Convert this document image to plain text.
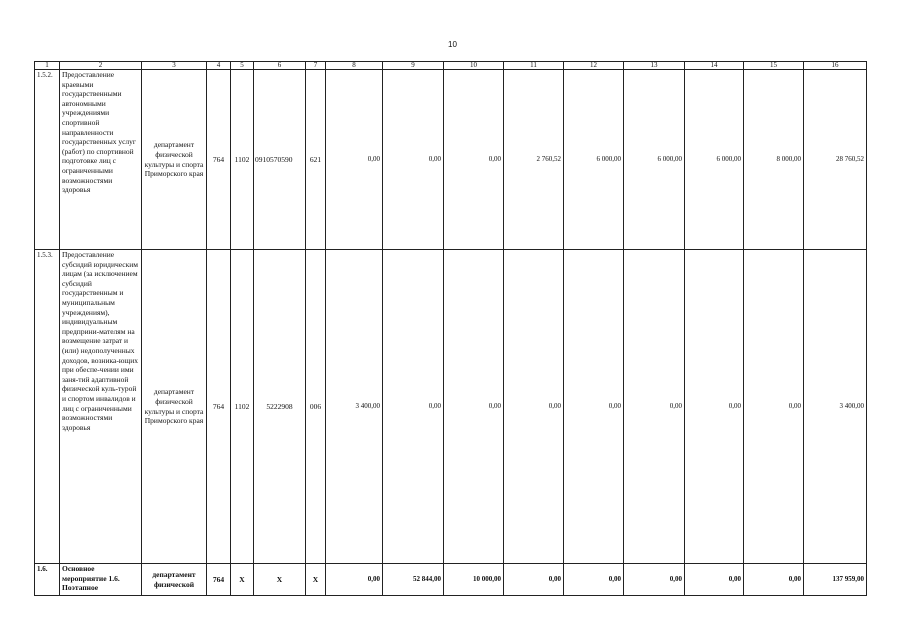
10
1	2	3	4	5	6	7	8	9	10	11	12	13	14	15	16
1.5.2.	Предоставление краевыми государственными автономными учреждениями спортивной направленности государственных услуг (работ) по спортивной подготовке лиц с ограниченными возможностями здоровья	департамент физической культуры и спорта Приморского края	764	1102	0910570590	621	0,00	0,00	0,00	2 760,52	6 000,00	6 000,00	6 000,00	8 000,00	28 760,52
1.5.3.	Предоставление субсидий юридическим лицам (за исключением субсидий государственным и муниципальным учреждениям), индивидуальным предприни-мателям на возмещение затрат и (или) недополученных доходов, возника-ющих при обеспе-чении ими заня-тий адаптивной физической куль-турой и спортом инвалидов и лиц с ограниченными возможностями здоровья	департамент физической культуры и спорта Приморского края	764	1102	5222908	006	3 400,00	0,00	0,00	0,00	0,00	0,00	0,00	0,00	3 400,00
1.6.	Основное мероприятие 1.6. Поэтапное	департамент физической	764	X	X	X	0,00	52 844,00	10 000,00	0,00	0,00	0,00	0,00	0,00	137 959,00
